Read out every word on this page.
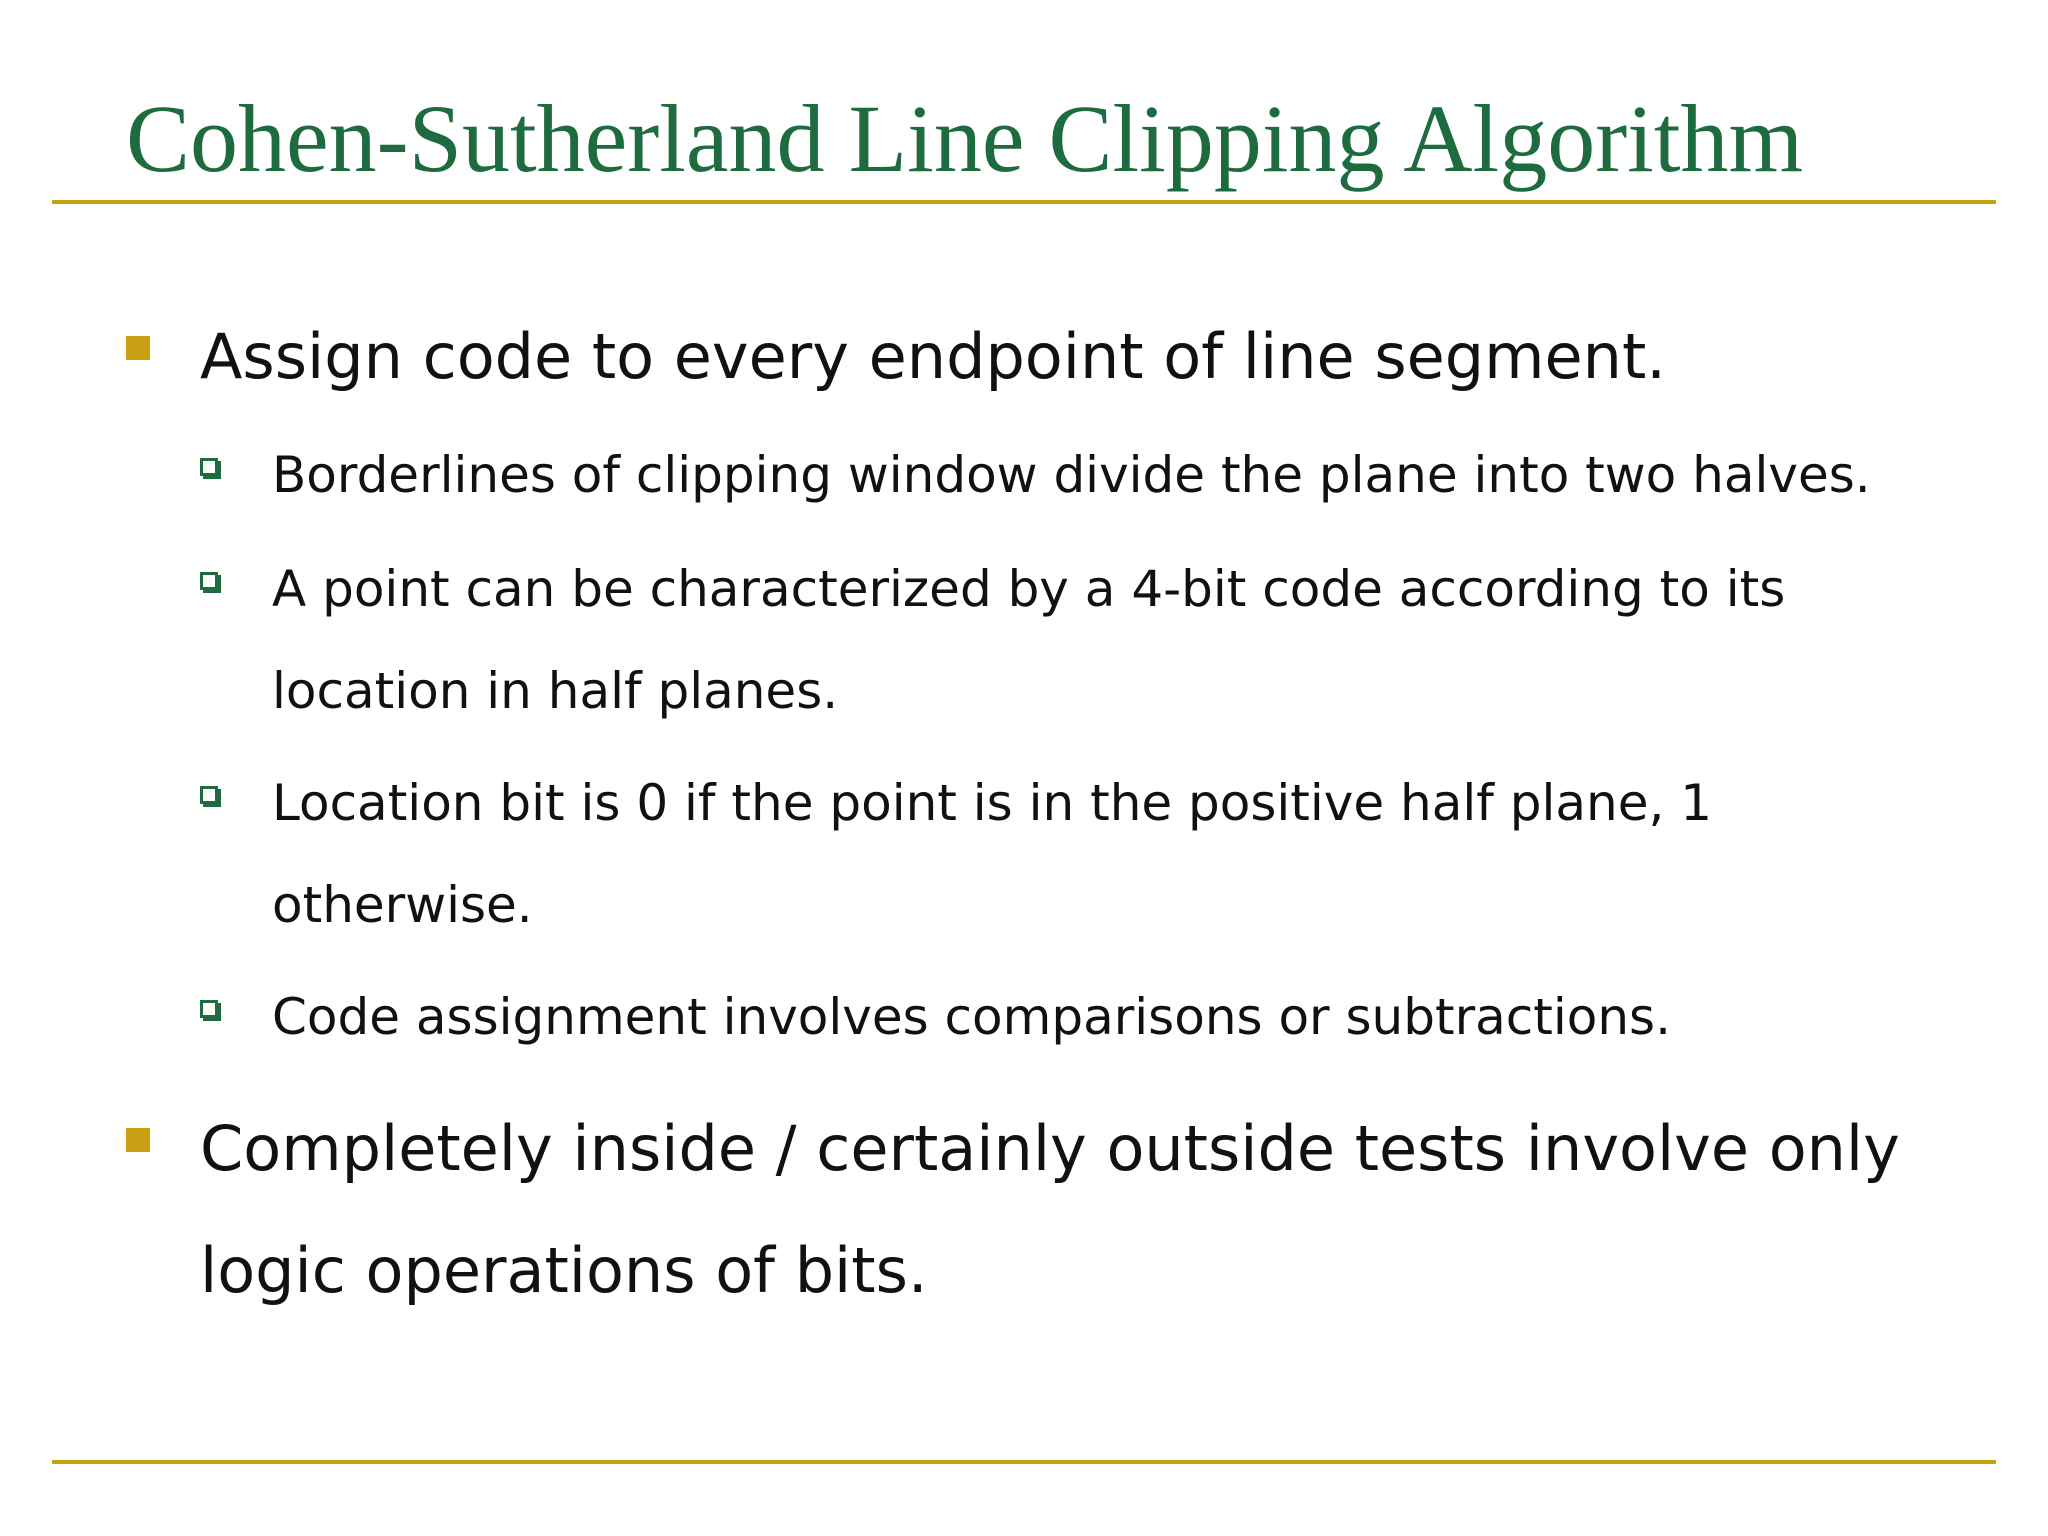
Cohen-Sutherland Line Clipping Algorithm
Assign code to every endpoint of line segment.
Borderlines of clipping window divide the plane into two halves.
A point can be characterized by a 4-bit code according to its location in half planes.
Location bit is 0 if the point is in the positive half plane, 1 otherwise.
Code assignment involves comparisons or subtractions.
Completely inside / certainly outside tests involve only logic operations of bits.
